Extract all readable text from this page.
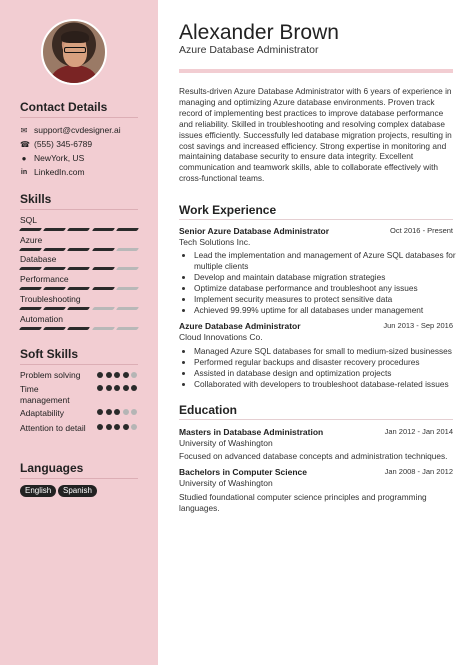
Contact Details
✉ support@cvdesigner.ai
☎ (555) 345-6789
● NewYork, US
in LinkedIn.com
Skills
SQL
Azure
Database
Performance
Troubleshooting
Automation
Soft Skills
Problem solving
Time management
Adaptability
Attention to detail
Languages
English	Spanish
Alexander Brown
Azure Database Administrator
Results-driven Azure Database Administrator with 6 years of experience in managing and optimizing Azure database environments. Proven track record of implementing best practices to improve database performance and reliability. Skilled in troubleshooting and resolving complex database issues efficiently. Successfully led database migration projects, resulting in cost savings and increased efficiency. Strong expertise in monitoring and maintaining database security to ensure data integrity. Excellent communication and teamwork skills, able to collaborate effectively with cross-functional teams.
Work Experience
Senior Azure Database Administrator	Oct 2016 - Present
Tech Solutions Inc.
• Lead the implementation and management of Azure SQL databases for multiple clients
• Develop and maintain database migration strategies
• Optimize database performance and troubleshoot any issues
• Implement security measures to protect sensitive data
• Achieved 99.99% uptime for all databases under management
Azure Database Administrator	Jun 2013 - Sep 2016
Cloud Innovations Co.
• Managed Azure SQL databases for small to medium-sized businesses
• Performed regular backups and disaster recovery procedures
• Assisted in database design and optimization projects
• Collaborated with developers to troubleshoot database-related issues
Education
Masters in Database Administration	Jan 2012 - Jan 2014
University of Washington
Focused on advanced database concepts and administration techniques.
Bachelors in Computer Science	Jan 2008 - Jan 2012
University of Washington
Studied foundational computer science principles and programming languages.
